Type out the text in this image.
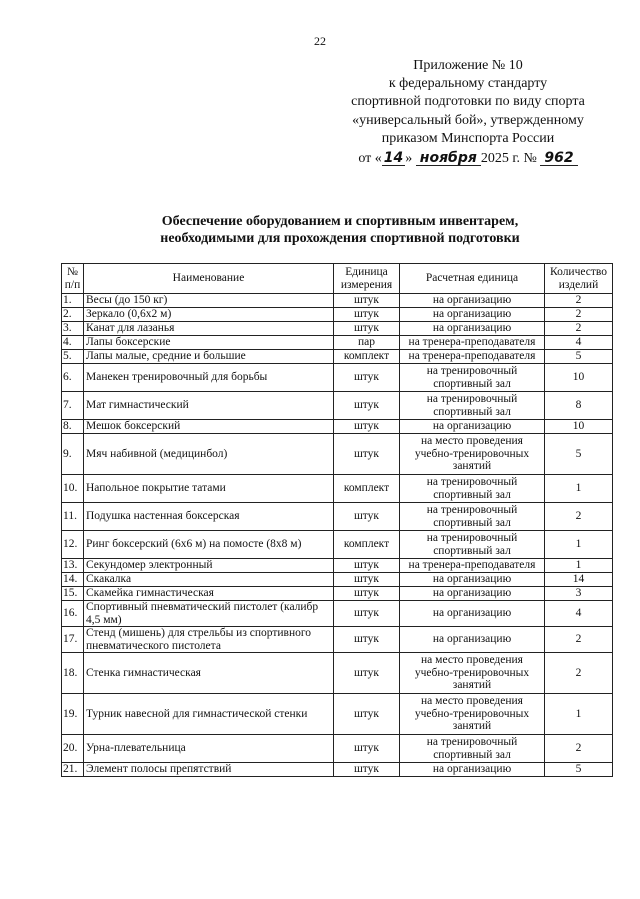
22
Приложение № 10
к федеральному стандарту
спортивной подготовки по виду спорта
«универсальный бой», утвержденному
приказом Минспорта России
от « 14 » ноября 2025 г. № 962
Обеспечение оборудованием и спортивным инвентарем,
необходимыми для прохождения спортивной подготовки
№ п/п	Наименование	Единица измерения	Расчетная единица	Количество изделий
1.	Весы (до 150 кг)	штук	на организацию	2
2.	Зеркало (0,6х2 м)	штук	на организацию	2
3.	Канат для лазанья	штук	на организацию	2
4.	Лапы боксерские	пар	на тренера-преподавателя	4
5.	Лапы малые, средние и большие	комплект	на тренера-преподавателя	5
6.	Манекен тренировочный для борьбы	штук	на тренировочный спортивный зал	10
7.	Мат гимнастический	штук	на тренировочный спортивный зал	8
8.	Мешок боксерский	штук	на организацию	10
9.	Мяч набивной (медицинбол)	штук	на место проведения учебно-тренировочных занятий	5
10.	Напольное покрытие татами	комплект	на тренировочный спортивный зал	1
11.	Подушка настенная боксерская	штук	на тренировочный спортивный зал	2
12.	Ринг боксерский (6х6 м) на помосте (8х8 м)	комплект	на тренировочный спортивный зал	1
13.	Секундомер электронный	штук	на тренера-преподавателя	1
14.	Скакалка	штук	на организацию	14
15.	Скамейка гимнастическая	штук	на организацию	3
16.	Спортивный пневматический пистолет (калибр 4,5 мм)	штук	на организацию	4
17.	Стенд (мишень) для стрельбы из спортивного пневматического пистолета	штук	на организацию	2
18.	Стенка гимнастическая	штук	на место проведения учебно-тренировочных занятий	2
19.	Турник навесной для гимнастической стенки	штук	на место проведения учебно-тренировочных занятий	1
20.	Урна-плевательница	штук	на тренировочный спортивный зал	2
21.	Элемент полосы препятствий	штук	на организацию	5
